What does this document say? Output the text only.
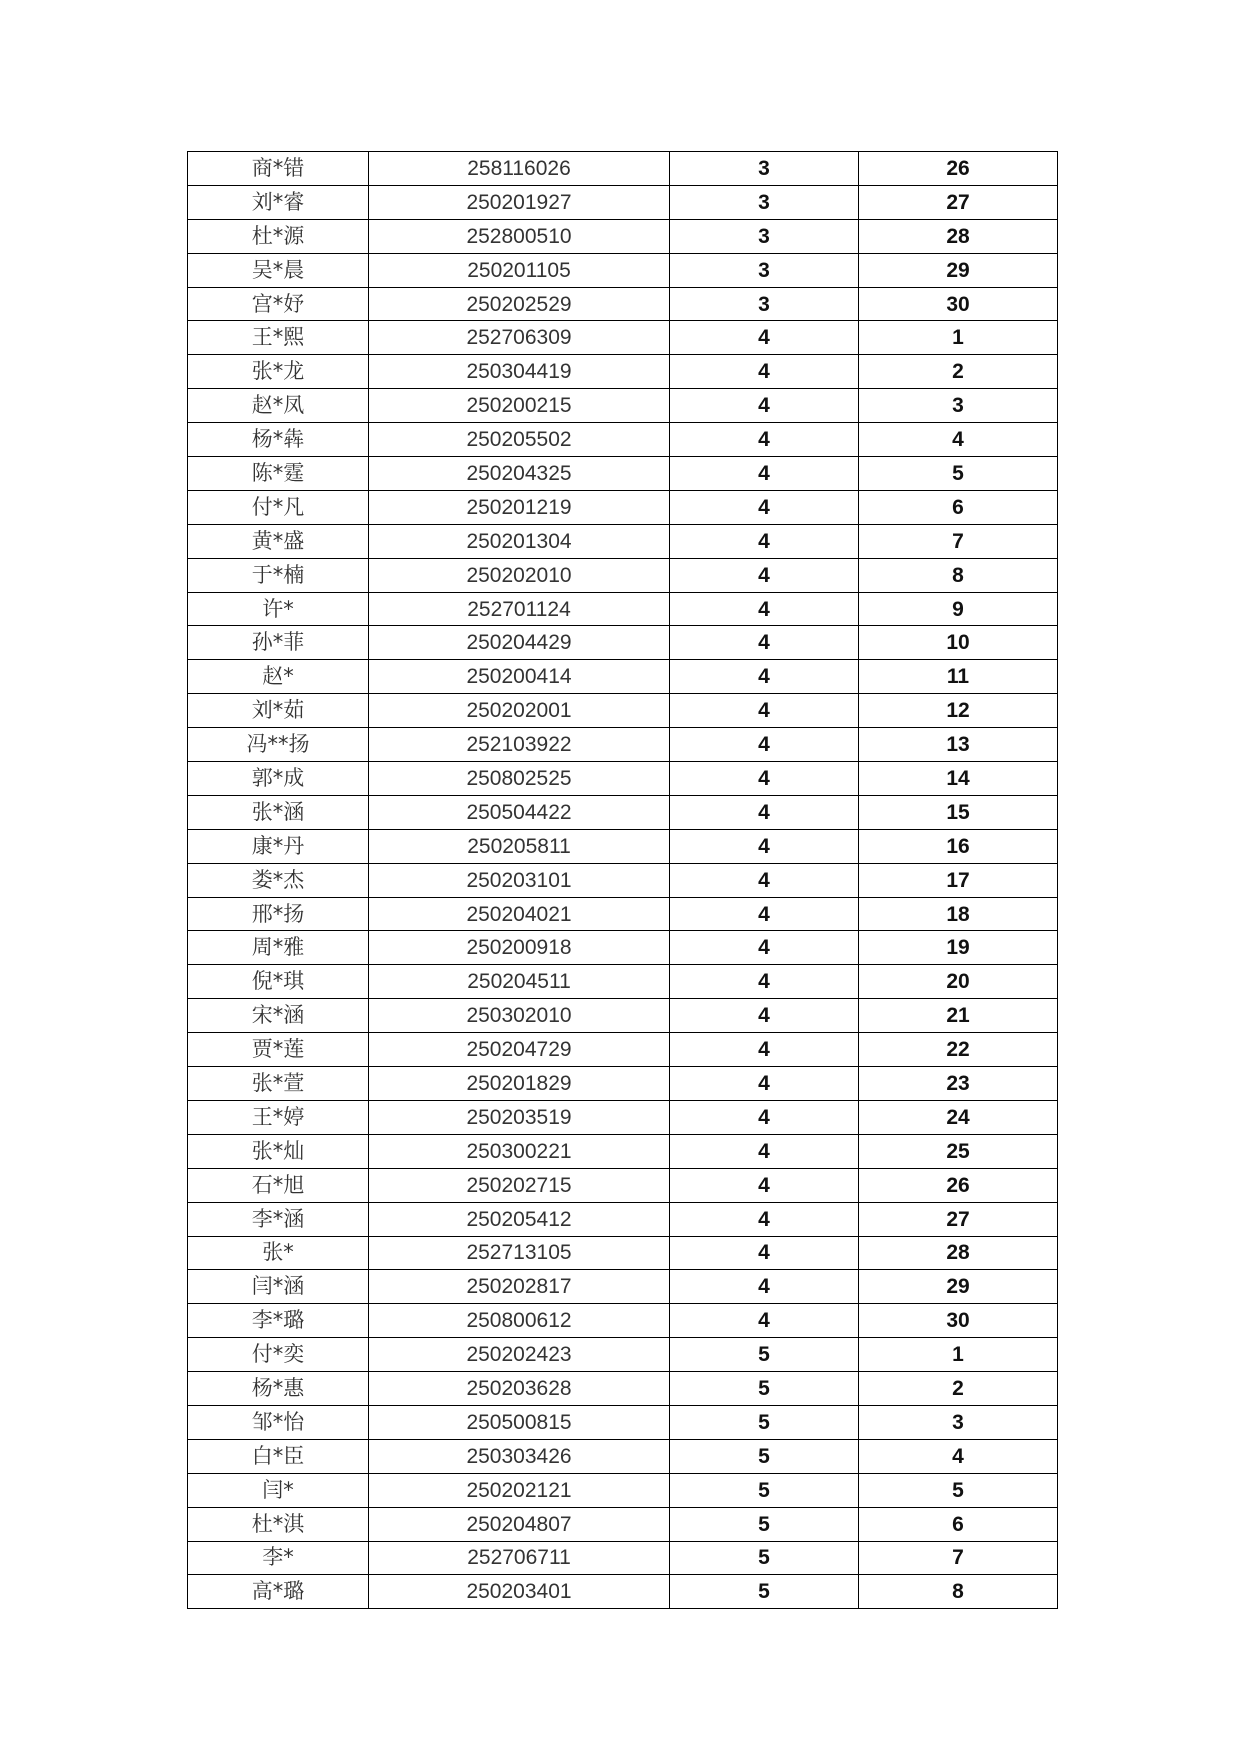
商*错	258116026	3	26
刘*睿	250201927	3	27
杜*源	252800510	3	28
吴*晨	250201105	3	29
宫*妤	250202529	3	30
王*熙	252706309	4	1
张*龙	250304419	4	2
赵*凤	250200215	4	3
杨*犇	250205502	4	4
陈*霆	250204325	4	5
付*凡	250201219	4	6
黄*盛	250201304	4	7
于*楠	250202010	4	8
许*	252701124	4	9
孙*菲	250204429	4	10
赵*	250200414	4	11
刘*茹	250202001	4	12
冯**扬	252103922	4	13
郭*成	250802525	4	14
张*涵	250504422	4	15
康*丹	250205811	4	16
娄*杰	250203101	4	17
邢*扬	250204021	4	18
周*雅	250200918	4	19
倪*琪	250204511	4	20
宋*涵	250302010	4	21
贾*莲	250204729	4	22
张*萱	250201829	4	23
王*婷	250203519	4	24
张*灿	250300221	4	25
石*旭	250202715	4	26
李*涵	250205412	4	27
张*	252713105	4	28
闫*涵	250202817	4	29
李*璐	250800612	4	30
付*奕	250202423	5	1
杨*惠	250203628	5	2
邹*怡	250500815	5	3
白*臣	250303426	5	4
闫*	250202121	5	5
杜*淇	250204807	5	6
李*	252706711	5	7
高*璐	250203401	5	8
